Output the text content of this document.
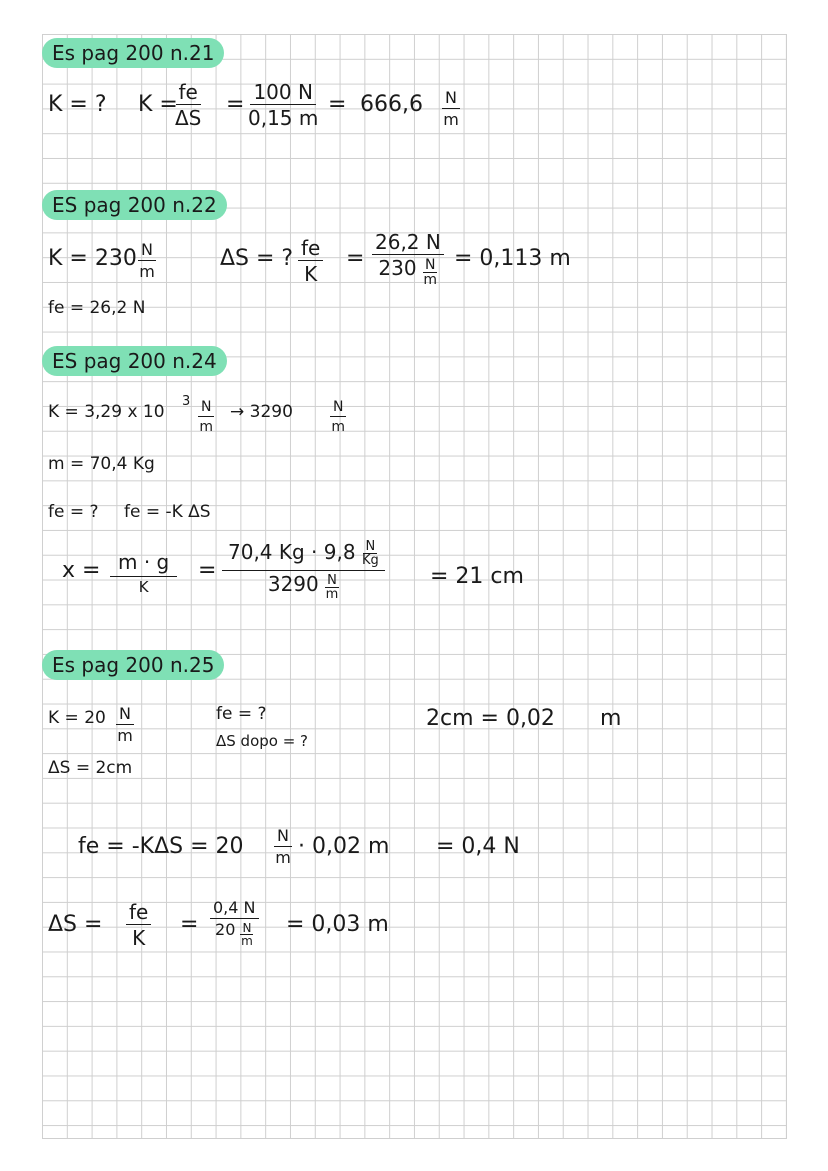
Es pag 200 n.21
K = ? K =
$\frac{fe}{\Delta S} = \frac{100 N}{0,15 m} = 666,6 \frac{N}{m}$
ES pag 200 n.22
$K = 230 \frac{N}{m}$
fe = 26,2 N
ΔS = ? $\frac{fe}{K} = \frac{26,2 N}{230 \frac{N}{m}} = 0,113$ m
ES pag 200 n.24
K = 3,29 x 10
$3 \frac{N}{m} \to 3290$	$\frac{N}{m}$
m = 70,4 Kg
fe = ? fe = -K ΔS
x = m · g
K
= $\frac{70,4 Kg \cdot 9,8 \frac{N}{Kg}}{3290 \frac{N}{m}} = 21$ cm
Es pag 200 n.25
$K = 20 \frac{N}{m}$	fe = ?
ΔS dopo = ?
2cm = 0,02 m
ΔS = 2cm
fe = $-K\Delta S = 20 \frac{N}{m} \cdot 0,02$ m = 0,4 N
$\Delta S = \frac{fe}{K} = \frac{0,4 N}{20 \frac{N}{m}} = 0,03$ m
